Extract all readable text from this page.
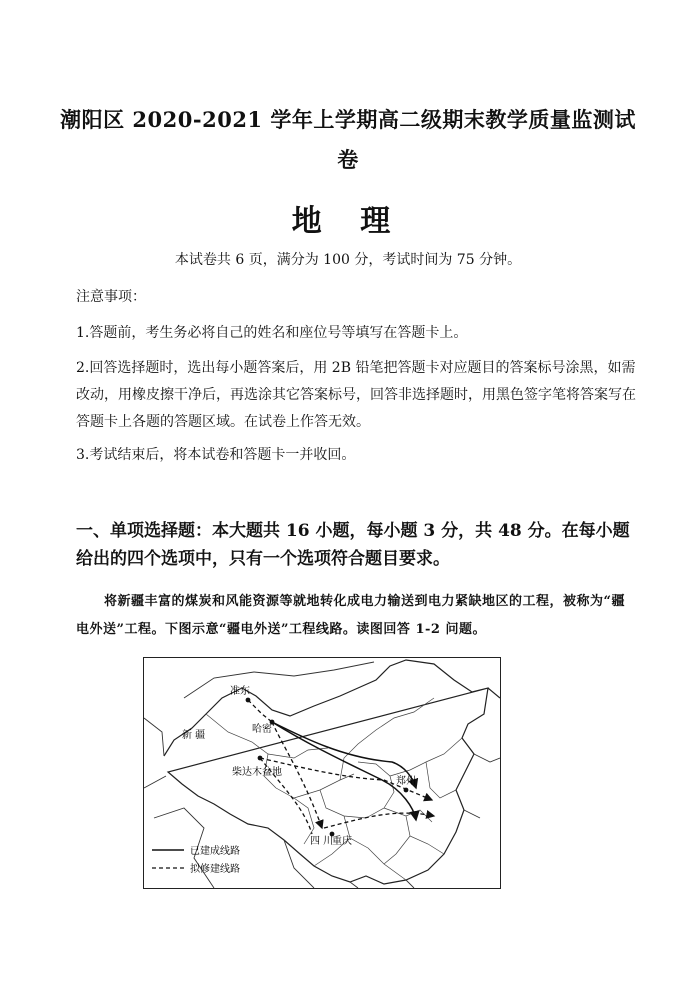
潮阳区 2020-2021 学年上学期高二级期末教学质量监测试
卷
地 理
本试卷共 6 页，满分为 100 分，考试时间为 75 分钟。
注意事项：
1.答题前，考生务必将自己的姓名和座位号等填写在答题卡上。
2.回答选择题时，选出每小题答案后，用 2B 铅笔把答题卡对应题目的答案标号涂黑，如需改动，用橡皮擦干净后，再选涂其它答案标号，回答非选择题时，用黑色签字笔将答案写在答题卡上各题的答题区域。在试卷上作答无效。
3.考试结束后，将本试卷和答题卡一并收回。
一、单项选择题：本大题共 16 小题，每小题 3 分，共 48 分。在每小题给出的四个选项中，只有一个选项符合题目要求。
将新疆丰富的煤炭和风能资源等就地转化成电力输送到电力紧缺地区的工程，被称为“疆电外送”工程。下图示意“疆电外送”工程线路。读图回答 1-2 问题。
准东
哈密
新 疆
柴达木盆地
郑州
四 川
重庆
已建成线路
拟修建线路
